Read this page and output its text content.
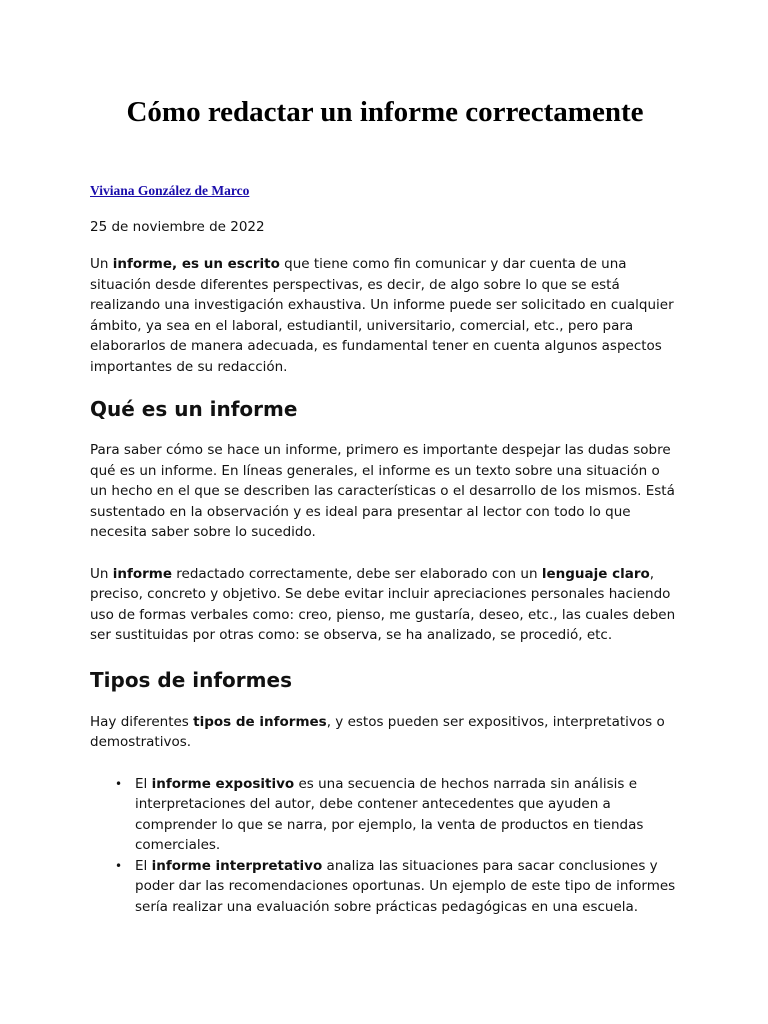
Cómo redactar un informe correctamente

Viviana González de Marco

25 de noviembre de 2022

Un informe, es un escrito que tiene como fin comunicar y dar cuenta de una situación desde diferentes perspectivas, es decir, de algo sobre lo que se está realizando una investigación exhaustiva. Un informe puede ser solicitado en cualquier ámbito, ya sea en el laboral, estudiantil, universitario, comercial, etc., pero para elaborarlos de manera adecuada, es fundamental tener en cuenta algunos aspectos importantes de su redacción.

Qué es un informe

Para saber cómo se hace un informe, primero es importante despejar las dudas sobre qué es un informe. En líneas generales, el informe es un texto sobre una situación o un hecho en el que se describen las características o el desarrollo de los mismos. Está sustentado en la observación y es ideal para presentar al lector con todo lo que necesita saber sobre lo sucedido.

Un informe redactado correctamente, debe ser elaborado con un lenguaje claro, preciso, concreto y objetivo. Se debe evitar incluir apreciaciones personales haciendo uso de formas verbales como: creo, pienso, me gustaría, deseo, etc., las cuales deben ser sustituidas por otras como: se observa, se ha analizado, se procedió, etc.

Tipos de informes

Hay diferentes tipos de informes, y estos pueden ser expositivos, interpretativos o demostrativos.

• El informe expositivo es una secuencia de hechos narrada sin análisis e interpretaciones del autor, debe contener antecedentes que ayuden a comprender lo que se narra, por ejemplo, la venta de productos en tiendas comerciales.
• El informe interpretativo analiza las situaciones para sacar conclusiones y poder dar las recomendaciones oportunas. Un ejemplo de este tipo de informes sería realizar una evaluación sobre prácticas pedagógicas en una escuela.
